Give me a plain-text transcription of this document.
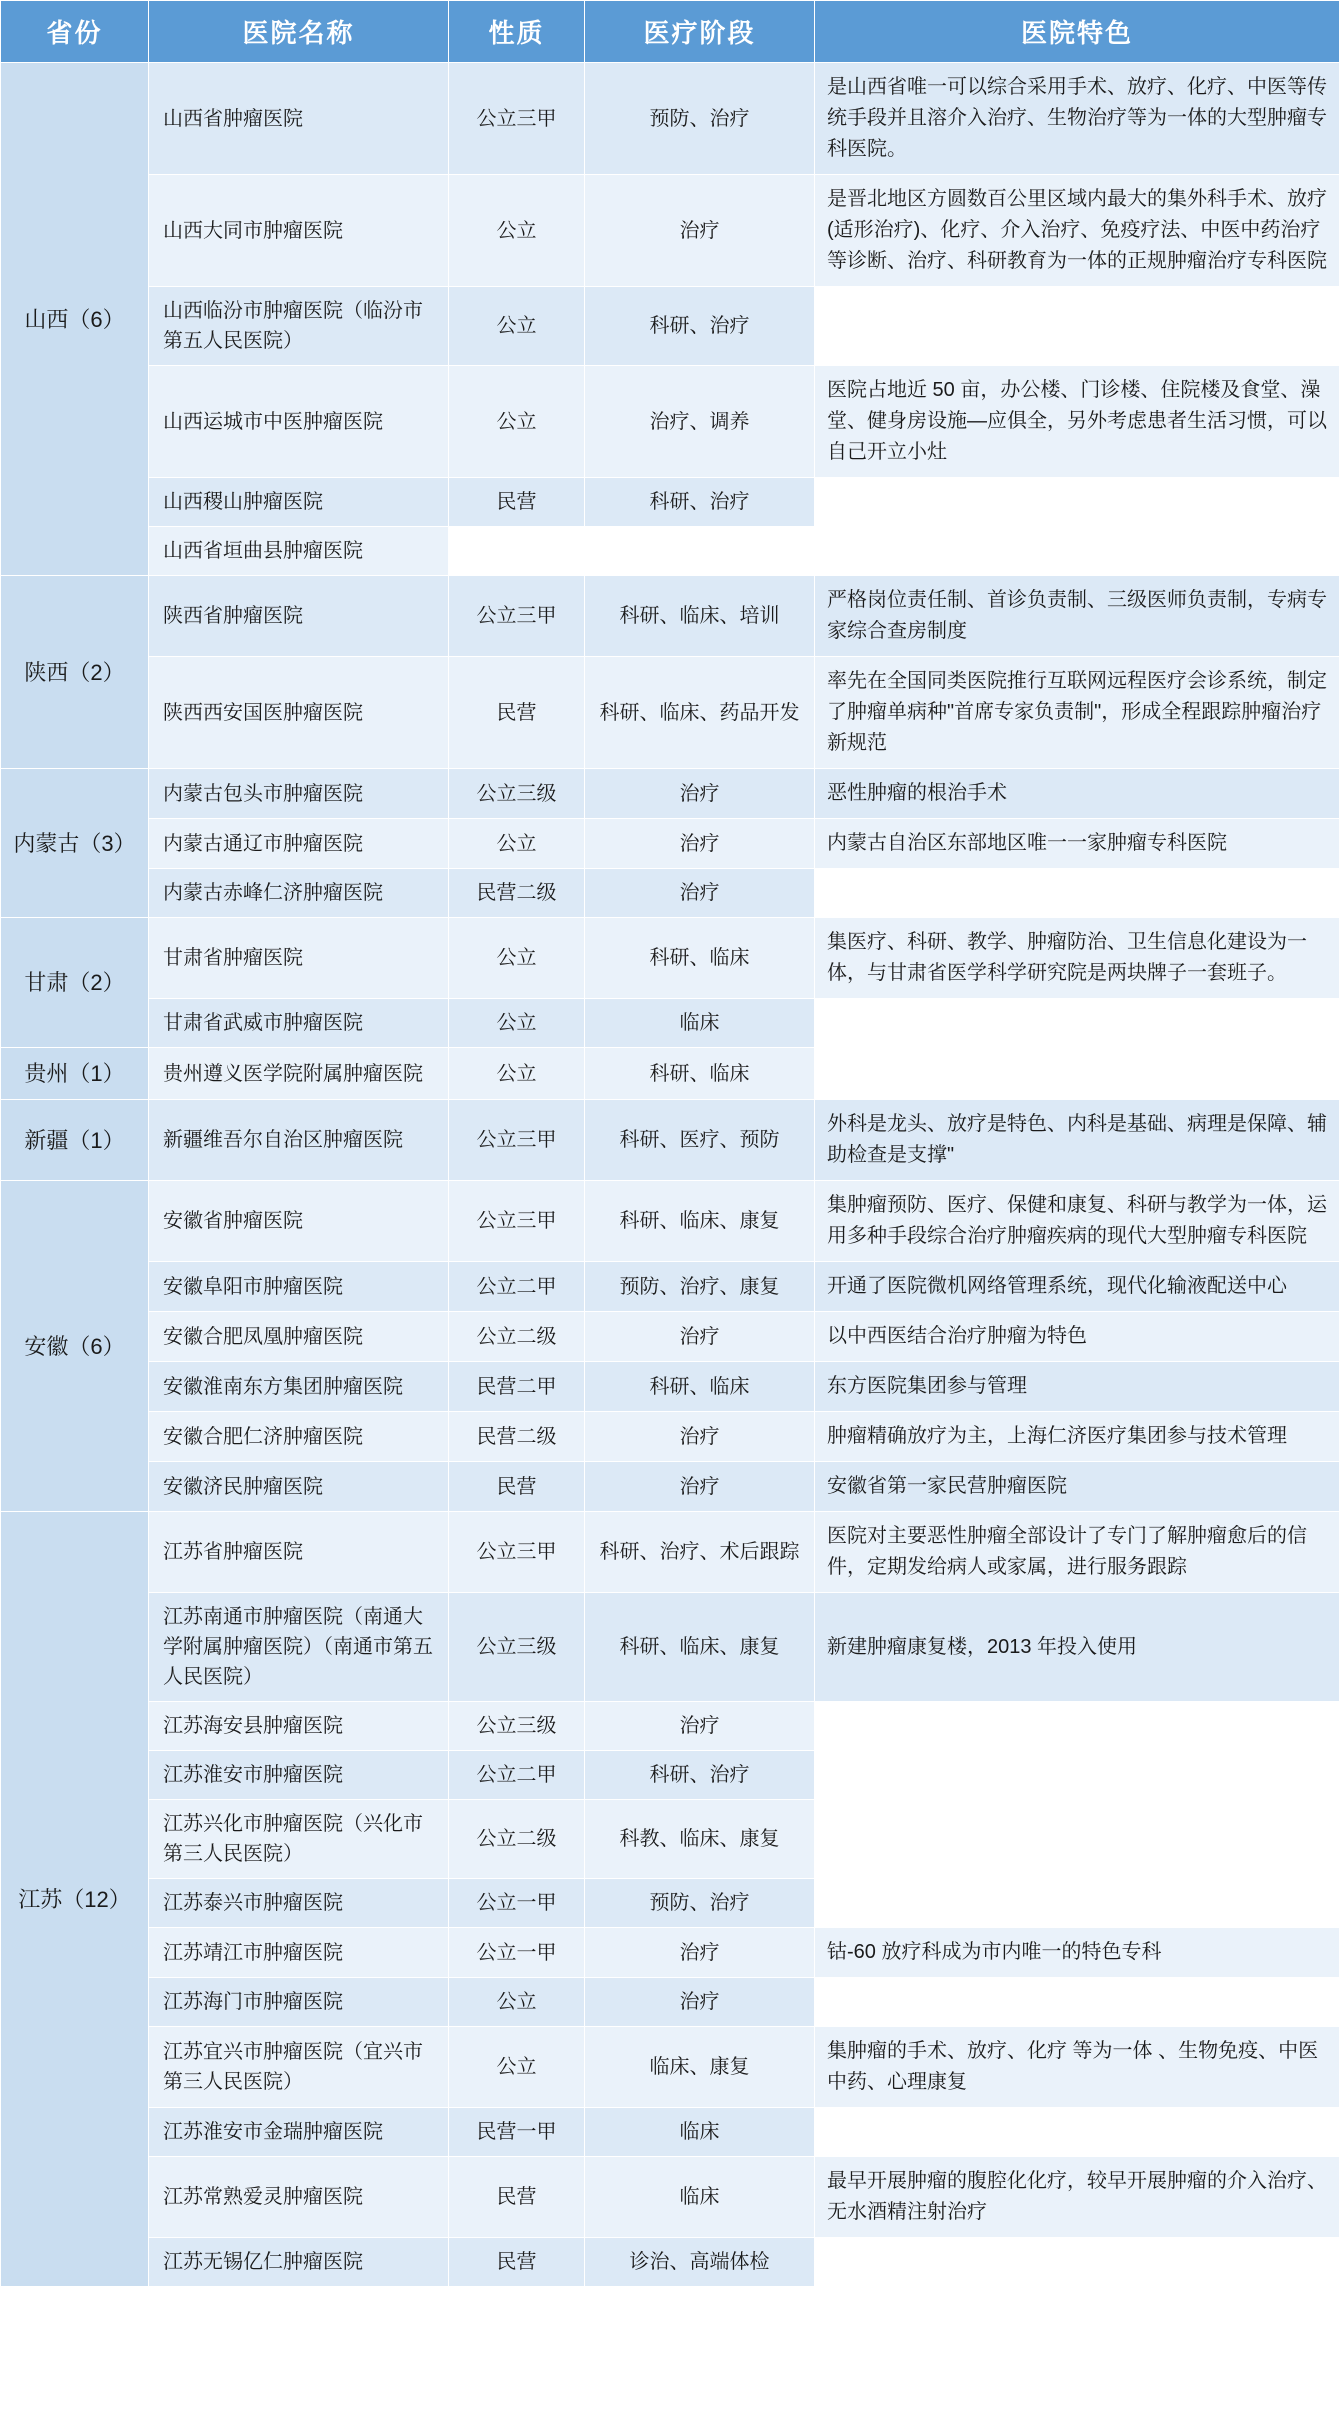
省份	医院名称	性质	医疗阶段	医院特色
山西（6）	山西省肿瘤医院	公立三甲	预防、治疗	是山西省唯一可以综合采用手术、放疗、化疗、中医等传统手段并且溶介入治疗、生物治疗等为一体的大型肿瘤专科医院。
	山西大同市肿瘤医院	公立	治疗	是晋北地区方圆数百公里区域内最大的集外科手术、放疗(适形治疗)、化疗、介入治疗、免疫疗法、中医中药治疗等诊断、治疗、科研教育为一体的正规肿瘤治疗专科医院
	山西临汾市肿瘤医院（临汾市第五人民医院）	公立	科研、治疗	
	山西运城市中医肿瘤医院	公立	治疗、调养	医院占地近 50 亩，办公楼、门诊楼、住院楼及食堂、澡堂、健身房设施—应俱全，另外考虑患者生活习惯，可以自己开立小灶
	山西稷山肿瘤医院	民营	科研、治疗	
	山西省垣曲县肿瘤医院			
陕西（2）	陕西省肿瘤医院	公立三甲	科研、临床、培训	严格岗位责任制、首诊负责制、三级医师负责制，专病专家综合查房制度
	陕西西安国医肿瘤医院	民营	科研、临床、药品开发	率先在全国同类医院推行互联网远程医疗会诊系统，制定了肿瘤单病种"首席专家负责制"，形成全程跟踪肿瘤治疗新规范
内蒙古（3）	内蒙古包头市肿瘤医院	公立三级	治疗	恶性肿瘤的根治手术
	内蒙古通辽市肿瘤医院	公立	治疗	内蒙古自治区东部地区唯一一家肿瘤专科医院
	内蒙古赤峰仁济肿瘤医院	民营二级	治疗	
甘肃（2）	甘肃省肿瘤医院	公立	科研、临床	集医疗、科研、教学、肿瘤防治、卫生信息化建设为一体，与甘肃省医学科学研究院是两块牌子一套班子。
	甘肃省武威市肿瘤医院	公立	临床	
贵州（1）	贵州遵义医学院附属肿瘤医院	公立	科研、临床	
新疆（1）	新疆维吾尔自治区肿瘤医院	公立三甲	科研、医疗、预防	外科是龙头、放疗是特色、内科是基础、病理是保障、辅助检查是支撑"
安徽（6）	安徽省肿瘤医院	公立三甲	科研、临床、康复	集肿瘤预防、医疗、保健和康复、科研与教学为一体，运用多种手段综合治疗肿瘤疾病的现代大型肿瘤专科医院
	安徽阜阳市肿瘤医院	公立二甲	预防、治疗、康复	开通了医院微机网络管理系统，现代化输液配送中心
	安徽合肥凤凰肿瘤医院	公立二级	治疗	以中西医结合治疗肿瘤为特色
	安徽淮南东方集团肿瘤医院	民营二甲	科研、临床	东方医院集团参与管理
	安徽合肥仁济肿瘤医院	民营二级	治疗	肿瘤精确放疗为主，上海仁济医疗集团参与技术管理
	安徽济民肿瘤医院	民营	治疗	安徽省第一家民营肿瘤医院
江苏（12）	江苏省肿瘤医院	公立三甲	科研、治疗、术后跟踪	医院对主要恶性肿瘤全部设计了专门了解肿瘤愈后的信件，定期发给病人或家属，进行服务跟踪
	江苏南通市肿瘤医院（南通大学附属肿瘤医院）（南通市第五人民医院）	公立三级	科研、临床、康复	新建肿瘤康复楼，2013 年投入使用
	江苏海安县肿瘤医院	公立三级	治疗	
	江苏淮安市肿瘤医院	公立二甲	科研、治疗	
	江苏兴化市肿瘤医院（兴化市第三人民医院）	公立二级	科教、临床、康复	
	江苏泰兴市肿瘤医院	公立一甲	预防、治疗	
	江苏靖江市肿瘤医院	公立一甲	治疗	钴-60 放疗科成为市内唯一的特色专科
	江苏海门市肿瘤医院	公立	治疗	
	江苏宜兴市肿瘤医院（宜兴市第三人民医院）	公立	临床、康复	集肿瘤的手术、放疗、化疗 等为一体 、生物免疫、中医中药、心理康复
	江苏淮安市金瑞肿瘤医院	民营一甲	临床	
	江苏常熟爱灵肿瘤医院	民营	临床	最早开展肿瘤的腹腔化化疗，较早开展肿瘤的介入治疗、无水酒精注射治疗
	江苏无锡亿仁肿瘤医院	民营	诊治、高端体检	
